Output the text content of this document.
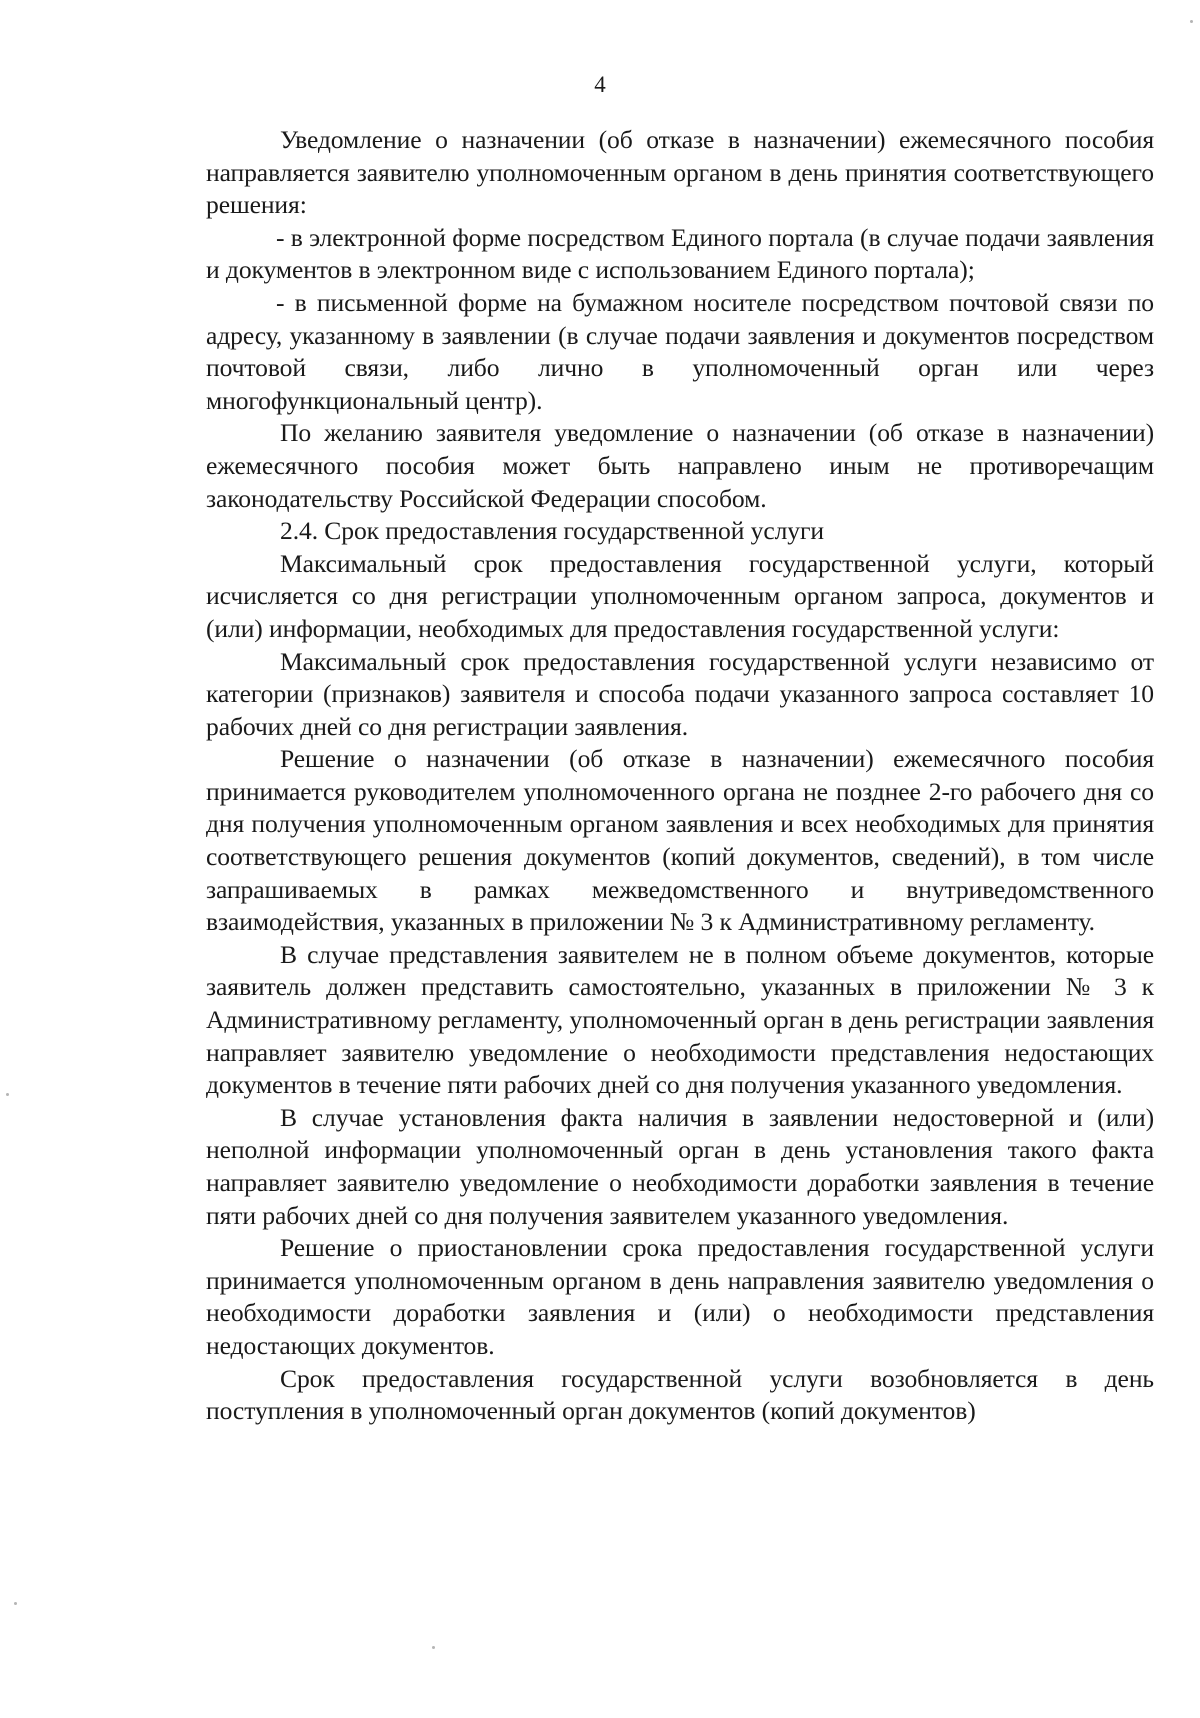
4

Уведомление о назначении (об отказе в назначении) ежемесячного пособия направляется заявителю уполномоченным органом в день принятия соответствующего решения:

- в электронной форме посредством Единого портала (в случае подачи заявления и документов в электронном виде с использованием Единого портала);

- в письменной форме на бумажном носителе посредством почтовой связи по адресу, указанному в заявлении (в случае подачи заявления и документов посредством почтовой связи, либо лично в уполномоченный орган или через многофункциональный центр).

По желанию заявителя уведомление о назначении (об отказе в назначении) ежемесячного пособия может быть направлено иным не противоречащим законодательству Российской Федерации способом.

2.4. Срок предоставления государственной услуги

Максимальный срок предоставления государственной услуги, который исчисляется со дня регистрации уполномоченным органом запроса, документов и (или) информации, необходимых для предоставления государственной услуги:

Максимальный срок предоставления государственной услуги независимо от категории (признаков) заявителя и способа подачи указанного запроса составляет 10 рабочих дней со дня регистрации заявления.

Решение о назначении (об отказе в назначении) ежемесячного пособия принимается руководителем уполномоченного органа не позднее 2-го рабочего дня со дня получения уполномоченным органом заявления и всех необходимых для принятия соответствующего решения документов (копий документов, сведений), в том числе запрашиваемых в рамках межведомственного и внутриведомственного взаимодействия, указанных в приложении № 3 к Административному регламенту.

В случае представления заявителем не в полном объеме документов, которые заявитель должен представить самостоятельно, указанных в приложении № 3 к Административному регламенту, уполномоченный орган в день регистрации заявления направляет заявителю уведомление о необходимости представления недостающих документов в течение пяти рабочих дней со дня получения указанного уведомления.

В случае установления факта наличия в заявлении недостоверной и (или) неполной информации уполномоченный орган в день установления такого факта направляет заявителю уведомление о необходимости доработки заявления в течение пяти рабочих дней со дня получения заявителем указанного уведомления.

Решение о приостановлении срока предоставления государственной услуги принимается уполномоченным органом в день направления заявителю уведомления о необходимости доработки заявления и (или) о необходимости представления недостающих документов.

Срок предоставления государственной услуги возобновляется в день поступления в уполномоченный орган документов (копий документов)
